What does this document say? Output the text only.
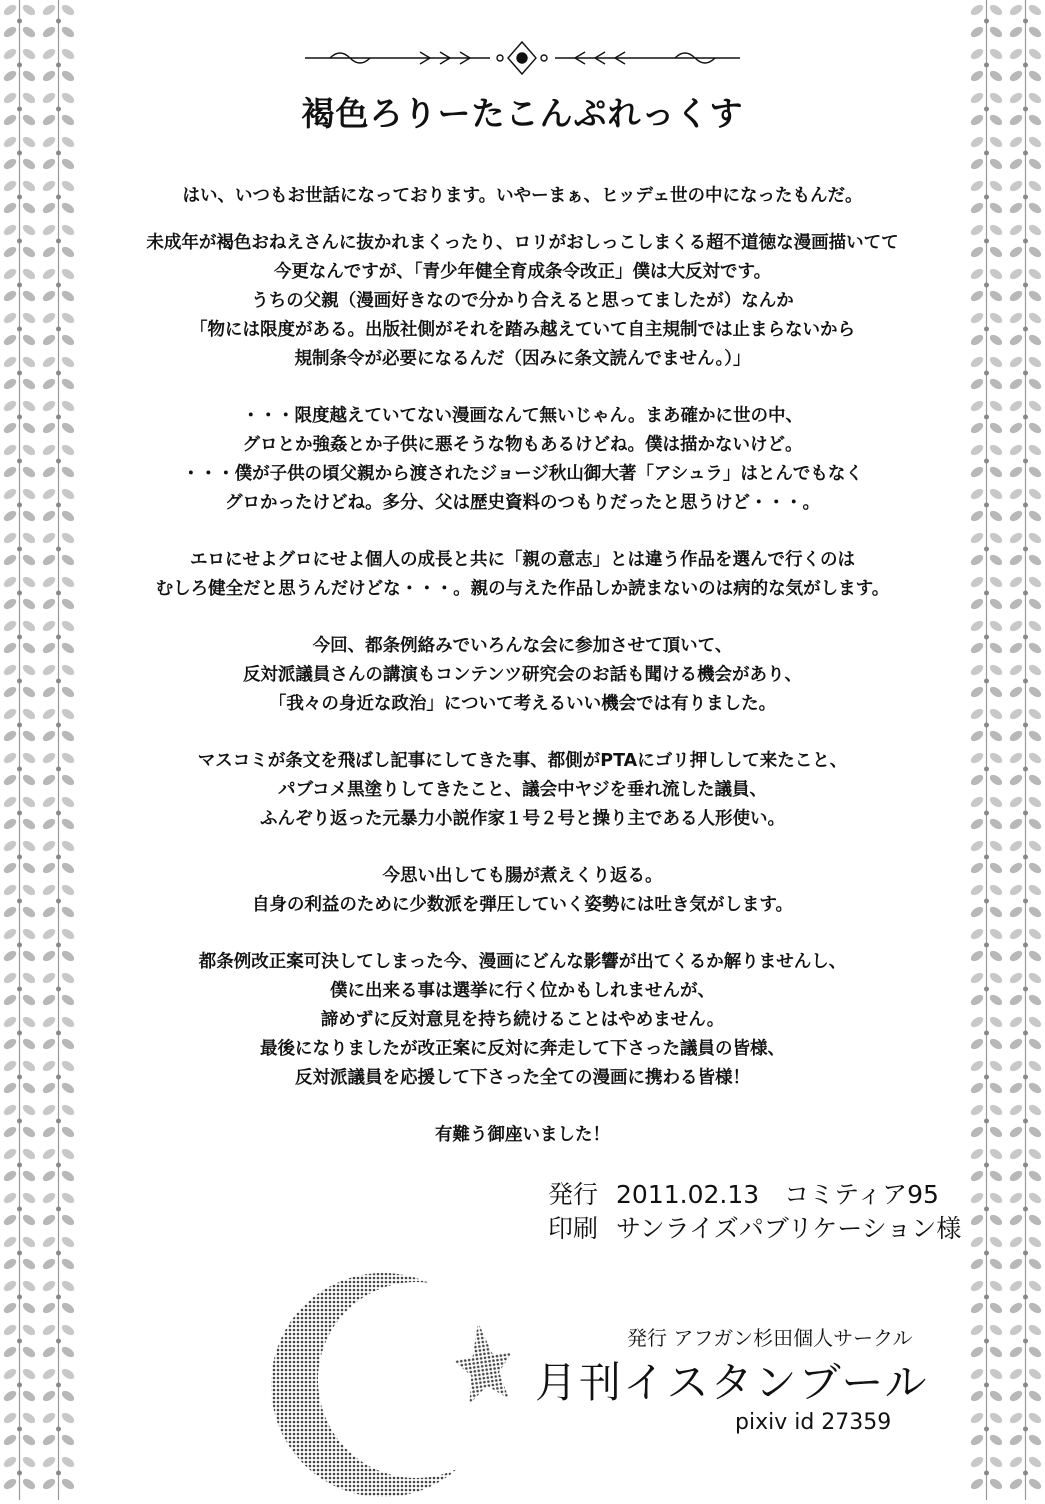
褐色ろりーたこんぷれっくす
はい、いつもお世話になっております。いやーまぁ、ヒッデェ世の中になったもんだ。
未成年が褐色おねえさんに抜かれまくったり、ロリがおしっこしまくる超不道徳な漫画描いてて
今更なんですが、「青少年健全育成条令改正」僕は大反対です。
うちの父親（漫画好きなので分かり合えると思ってましたが）なんか
「物には限度がある。出版社側がそれを踏み越えていて自主規制では止まらないから
規制条令が必要になるんだ（因みに条文読んでません。）」
・・・限度越えていてない漫画なんて無いじゃん。まあ確かに世の中、
グロとか強姦とか子供に悪そうな物もあるけどね。僕は描かないけど。
・・・僕が子供の頃父親から渡されたジョージ秋山御大著「アシュラ」はとんでもなく
グロかったけどね。多分、父は歴史資料のつもりだったと思うけど・・・。
エロにせよグロにせよ個人の成長と共に「親の意志」とは違う作品を選んで行くのは
むしろ健全だと思うんだけどな・・・。親の与えた作品しか読まないのは病的な気がします。
今回、都条例絡みでいろんな会に参加させて頂いて、
反対派議員さんの講演もコンテンツ研究会のお話も聞ける機会があり、
「我々の身近な政治」について考えるいい機会では有りました。
マスコミが条文を飛ばし記事にしてきた事、都側がPTAにゴリ押しして来たこと、
パブコメ黒塗りしてきたこと、議会中ヤジを垂れ流した議員、
ふんぞり返った元暴力小説作家１号２号と操り主である人形使い。
今思い出しても腸が煮えくり返る。
自身の利益のために少数派を弾圧していく姿勢には吐き気がします。
都条例改正案可決してしまった今、漫画にどんな影響が出てくるか解りませんし、
僕に出来る事は選挙に行く位かもしれませんが、
諦めずに反対意見を持ち続けることはやめません。
最後になりましたが改正案に反対に奔走して下さった議員の皆様、
反対派議員を応援して下さった全ての漫画に携わる皆様！
有難う御座いました！
発行 2011.02.13　コミティア95
印刷 サンライズパブリケーション様
発行 アフガン杉田個人サークル
月刊イスタンブール
pixiv id 27359
